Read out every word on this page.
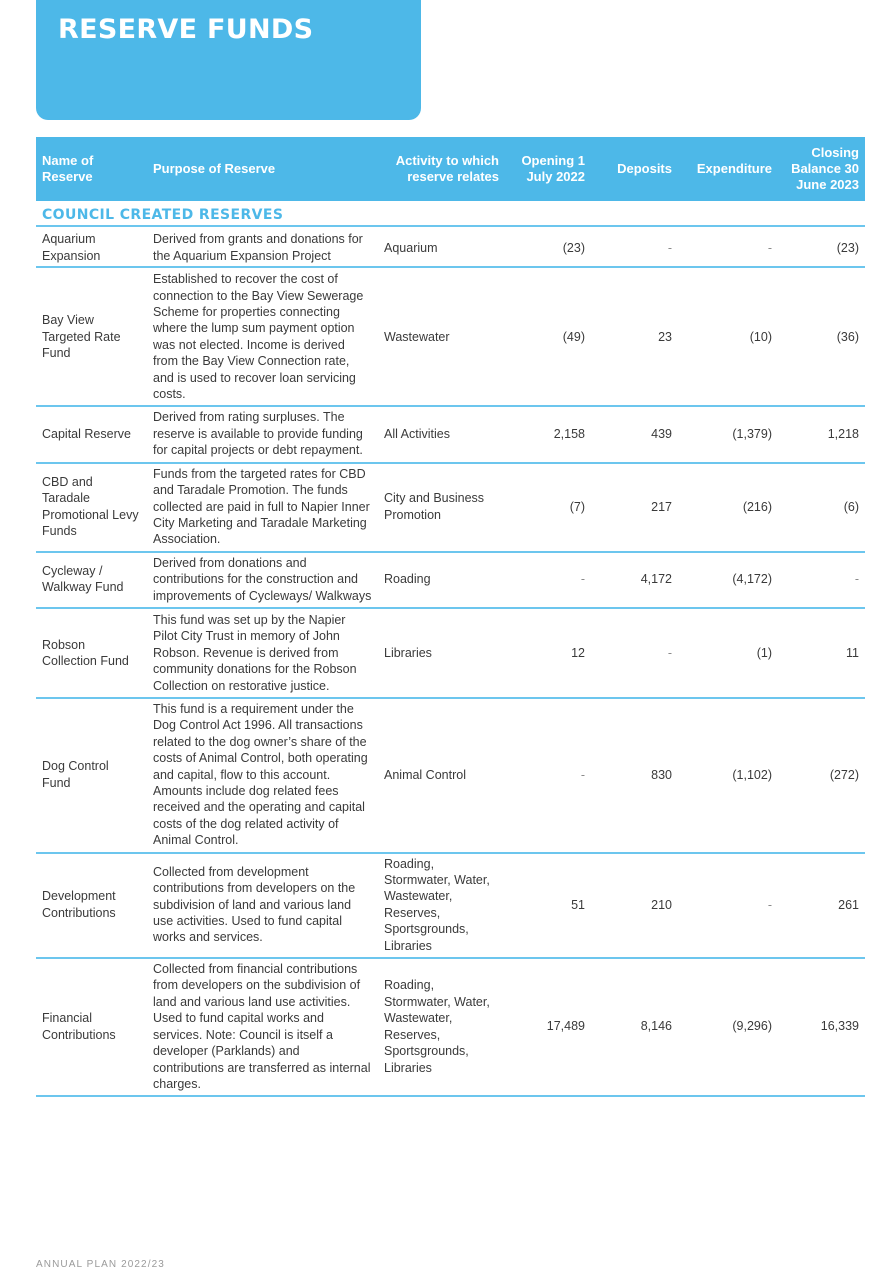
RESERVE FUNDS
Name of Reserve	Purpose of Reserve	Activity to which reserve relates	Opening 1 July 2022	Deposits	Expenditure	Closing Balance 30 June 2023
COUNCIL CREATED RESERVES						
Aquarium Expansion	Derived from grants and donations for the Aquarium Expansion Project	Aquarium	(23)	-	-	(23)
Bay View Targeted Rate Fund	Established to recover the cost of connection to the Bay View Sewerage Scheme for properties connecting where the lump sum payment option was not elected. Income is derived from the Bay View Connection rate, and is used to recover loan servicing costs.	Wastewater	(49)	23	(10)	(36)
Capital Reserve	Derived from rating surpluses. The reserve is available to provide funding for capital projects or debt repayment.	All Activities	2,158	439	(1,379)	1,218
CBD and Taradale Promotional Levy Funds	Funds from the targeted rates for CBD and Taradale Promotion. The funds collected are paid in full to Napier Inner City Marketing and Taradale Marketing Association.	City and Business Promotion	(7)	217	(216)	(6)
Cycleway / Walkway Fund	Derived from donations and contributions for the construction and improvements of Cycleways/ Walkways	Roading	-	4,172	(4,172)	-
Robson Collection Fund	This fund was set up by the Napier Pilot City Trust in memory of John Robson. Revenue is derived from community donations for the Robson Collection on restorative justice.	Libraries	12	-	(1)	11
Dog Control Fund	This fund is a requirement under the Dog Control Act 1996. All transactions related to the dog owner’s share of the costs of Animal Control, both operating and capital, flow to this account. Amounts include dog related fees received and the operating and capital costs of the dog related activity of Animal Control.	Animal Control	-	830	(1,102)	(272)
Development Contributions	Collected from development contributions from developers on the subdivision of land and various land use activities. Used to fund capital works and services.	Roading, Stormwater, Water, Wastewater, Reserves, Sportsgrounds, Libraries	51	210	-	261
Financial Contributions	Collected from financial contributions from developers on the subdivision of land and various land use activities. Used to fund capital works and services. Note: Council is itself a developer (Parklands) and contributions are transferred as internal charges.	Roading, Stormwater, Water, Wastewater, Reserves, Sportsgrounds, Libraries	17,489	8,146	(9,296)	16,339

ANNUAL PLAN 2022/23
